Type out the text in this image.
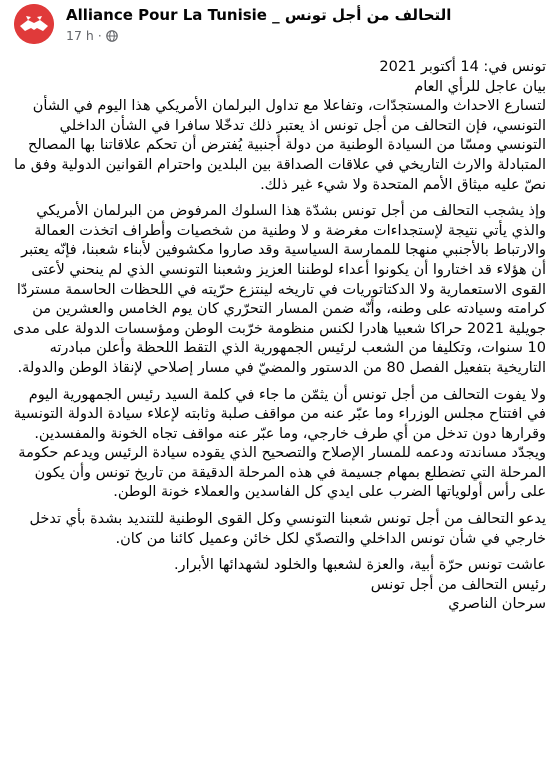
Alliance Pour La Tunisie _ التحالف من أجل تونس
17 h ·

تونس في: 14 أكتوبر 2021

بيان عاجل للرأي العام

لتسارع الاحداث والمستجدّات، وتفاعلا مع تداول البرلمان الأمريكي هذا اليوم في الشأن التونسي، فإن التحالف من أجل تونس اذ يعتبر ذلك تدخّلا سافرا في الشأن الداخلي التونسي ومسّا من السيادة الوطنية من دولة أجنبية يُفترض أن تحكم علاقاتنا بها المصالح المتبادلة والارث التاريخي في علاقات الصداقة بين البلدين واحترام القوانين الدولية وفق ما نصّ عليه ميثاق الأمم المتحدة ولا شيء غير ذلك.

وإذ يشجب التحالف من أجل تونس بشدّة هذا السلوك المرفوض من البرلمان الأمريكي والذي يأتي نتيجة لإستجداءات مغرضة و لا وطنية من شخصيات وأطراف اتخذت العمالة والارتباط بالأجنبي منهجا للممارسة السياسية وقد صاروا مكشوفين لأبناء شعبنا، فإنّه يعتبر أن هؤلاء قد اختاروا أن يكونوا أعداء لوطننا العزيز وشعبنا التونسي الذي لم ينحني لأعتى القوى الاستعمارية ولا الدكتاتوريات في تاريخه لينتزع حرّيته في اللحظات الحاسمة مستردّا كرامته وسيادته على وطنه، وأنّه ضمن المسار التحرّري كان يوم الخامس والعشرين من جويلية 2021 حراكا شعبيا هادرا لكنس منظومة خرّبت الوطن ومؤسسات الدولة على مدى 10 سنوات، وتكليفا من الشعب لرئيس الجمهورية الذي التقط اللحظة وأعلن مبادرته التاريخية بتفعيل الفصل 80 من الدستور والمضيّ في مسار إصلاحي لإنقاذ الوطن والدولة.

ولا يفوت التحالف من أجل تونس أن يثمّن ما جاء في كلمة السيد رئيس الجمهورية اليوم في افتتاح مجلس الوزراء وما عبّر عنه من مواقف صلبة وثابته لإعلاء سيادة الدولة التونسية وقرارها دون تدخل من أي طرف خارجي، وما عبّر عنه مواقف تجاه الخونة والمفسدين. ويجدّد مساندته ودعمه للمسار الإصلاح والتصحيح الذي يقوده سيادة الرئيس ويدعم حكومة المرحلة التي تضطلع بمهام جسيمة في هذه المرحلة الدقيقة من تاريخ تونس وأن يكون على رأس أولوياتها الضرب على ايدي كل الفاسدين والعملاء خونة الوطن.

يدعو التحالف من أجل تونس شعبنا التونسي وكل القوى الوطنية للتنديد بشدة بأي تدخل خارجي في شأن تونس الداخلي والتصدّي لكل خائن وعميل كائنا من كان.

عاشت تونس حرّة أبية، والعزة لشعبها والخلود لشهدائها الأبرار.

رئيس التحالف من أجل تونس

سرحان الناصري
